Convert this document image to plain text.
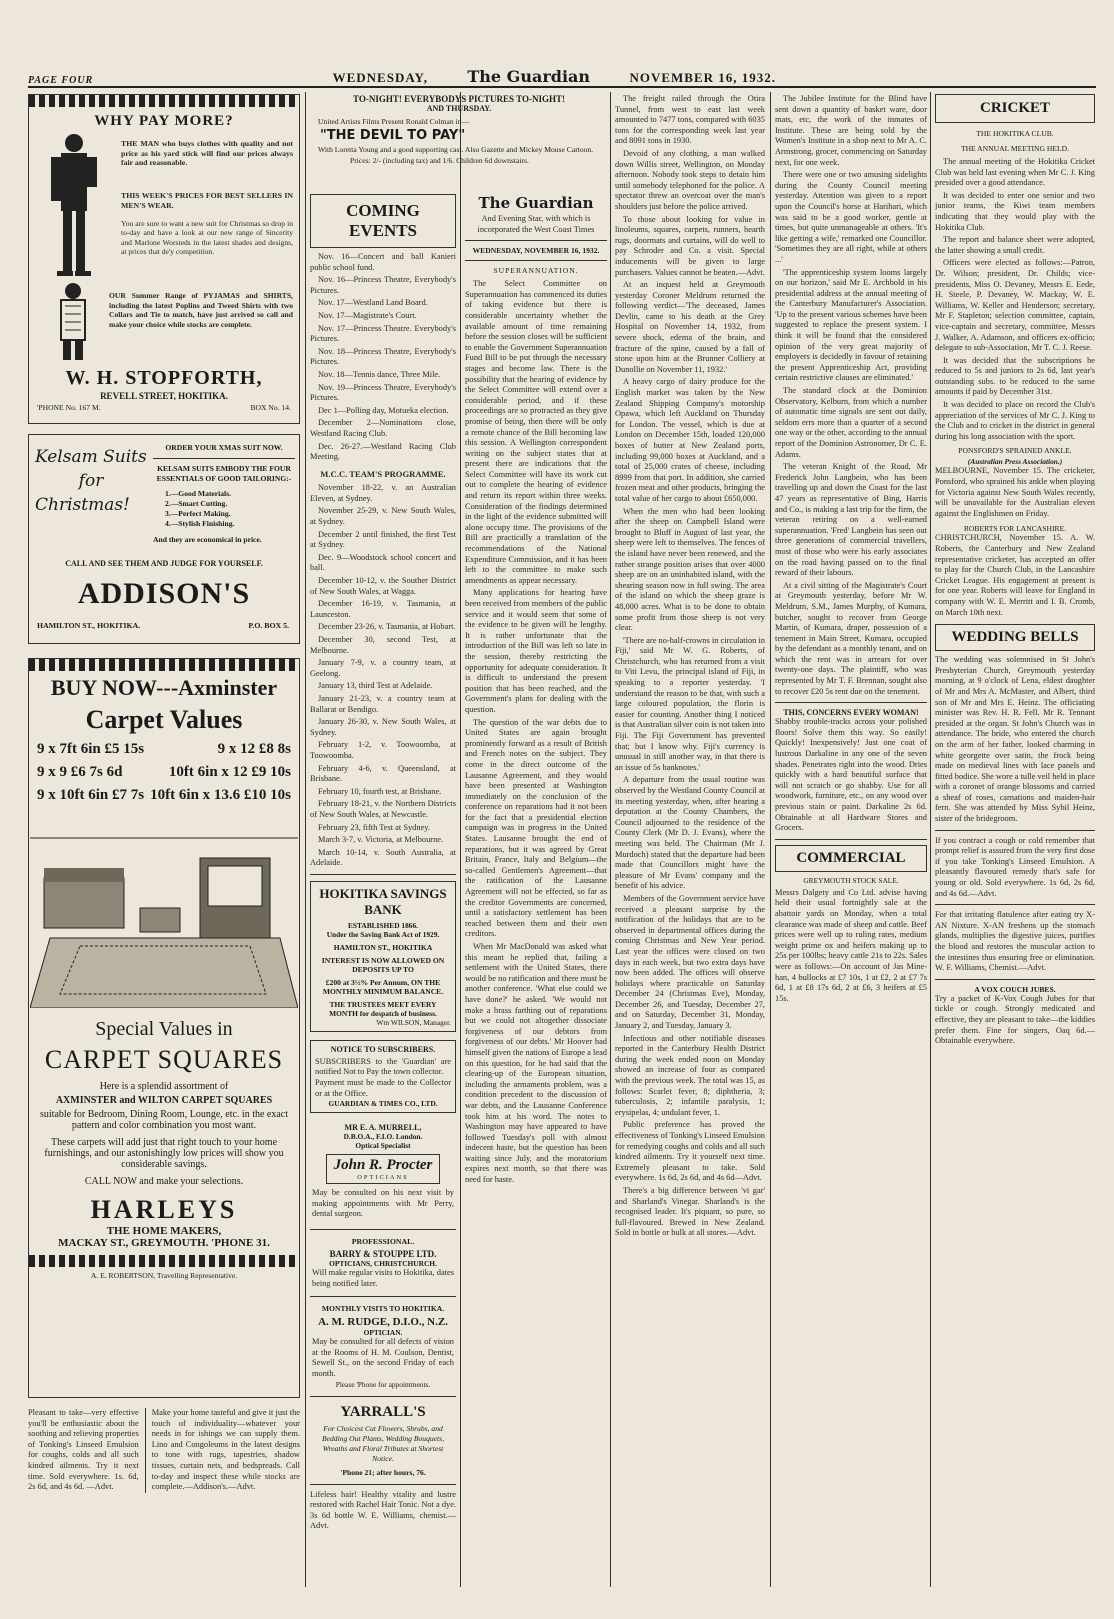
PAGE FOUR	WEDNESDAY, The Guardian	NOVEMBER 16, 1932.
WHY PAY MORE?
THE MAN who buys clothes with quality and not price as his yard stick will find our prices always fair and reasonable.
THIS WEEK'S PRICES FOR BEST SELLERS IN MEN'S WEAR.
You are sure to want a new suit for Christmas so drop in to-day and have a look at our new range of Sincerity and Marlone Worsteds in the latest shades and designs, at prices that de'y competition.
OUR Summer Range of PYJAMAS and SHIRTS, including the latest Poplins and Tweed Shirts with two Collars and Tie to match, have just arrived so call and make your choice while stocks are complete.
W. H. STOPFORTH,
REVELL STREET, HOKITIKA.
'PHONE No. 167 M.	BOX No. 14.
Kelsam Suits
for
Christmas!
ORDER YOUR XMAS SUIT NOW.
KELSAM SUITS EMBODY THE FOUR ESSENTIALS OF GOOD TAILORING:-
1.—Good Materials.
2.—Smart Cutting.
3.—Perfect Making.
4.—Stylish Finishing.
And they are economical in price.
CALL AND SEE THEM AND JUDGE FOR YOURSELF.
ADDISON'S
HAMILTON ST., HOKITIKA.	P.O. BOX 5.
BUY NOW---Axminster
Carpet Values
9 x 7ft 6in £5 15s	9 x 12 £8 8s
9 x 9 £6 7s 6d	10ft 6in x 12 £9 10s
9 x 10ft 6in £7 7s 10ft 6in x 13.6 £10 10s
Special Values in
CARPET SQUARES
Here is a splendid assortment of
AXMINSTER and WILTON CARPET SQUARES
suitable for Bedroom, Dining Room, Lounge, etc. in the exact pattern and color combination you most want.
These carpets will add just that right touch to your home furnishings, and our astonishingly low prices will show you considerable savings.
CALL NOW and make your selections.
HARLEYS
THE HOME MAKERS,
MACKAY ST., GREYMOUTH. 'PHONE 31.
A. E. ROBERTSON, Travelling Representative.
Pleasant to take—very effective you'll be enthusiastic about the soothing and relieving properties of Tonking's Linseed Emulsion for coughs, colds and all such kindred ailments. Try it next time. Sold everywhere. 1s. 6d, 2s 6d, and 4s 6d. —Advt.
Make your home tasteful and give it just the touch of individuality—whatever your needs in for ishings we can supply them. Lino and Congoleums in the latest designs to tone with rugs, tapestries, shadow tissues, curtain nets, and bedspreads. Call to-day and inspect these while stocks are complete.—Addison's.—Advt.
TO-NIGHT! EVERYBODYS PICTURES TO-NIGHT!
AND THURSDAY.
United Artists Films Present Ronald Colman in—
"THE DEVIL TO PAY"
With Loretta Young and a good supporting cast. Also Gazette and Mickey Mouse Cartoon.
Prices: 2/- (including tax) and 1/6. Children 6d downstairs.
COMING EVENTS

Nov. 16—Concert and ball Kanieri public school fund.

Nov. 16—Princess Theatre, Everybody's Pictures.

Nov. 17—Westland Land Board.

Nov. 17—Magistrate's Court.

Nov. 17—Princess Theatre. Everybody's Pictures.

Nov. 18—Princess Theatre, Everybody's Pictures.

Nov. 18—Tennis dance, Three Mile.

Nov. 19—Princess Theatre, Everybody's Pictures.

Dec 1—Polling day, Motueka election.

December 2—Nominations close, Westland Racing Club.

Dec. 26-27.—Westland Racing Club Meeting.

M.C.C. TEAM'S PROGRAMME.

November 18-22, v. an Australian Eleven, at Sydney.

November 25-29, v. New South Wales, at Sydney.

December 2 until finished, the first Test at Sydney.

Dec. 9—Woodstock school concert and ball.

December 10-12, v. the Souther District of New South Wales, at Wagga.

December 16-19, v. Tasmania, at Launceston.

December 23-26, v. Tasmania, at Hobart.

December 30, second Test, at Melbourne.

January 7-9, v. a country team, at Geelong.

January 13, third Test at Adelaide.

January 21-23, v. a country team at Ballarat or Bendigo.

January 26-30, v. New South Wales, at Sydney.

February 1-2, v. Toowoomba, at Toowoomba.

February 4-6, v. Queensland, at Brisbane.

February 10, fourth test, at Brisbane.

February 18-21, v. the Northern Districts of New South Wales, at Newcastle.

February 23, fifth Test at Sydney.

March 3-7, v. Victoria, at Melbourne.

March 10-14, v. South Australia, at Adelaide.

HOKITIKA SAVINGS BANK
ESTABLISHED 1866.
Under the Saving Bank Act of 1929.
HAMILTON ST., HOKITIKA
INTEREST IS NOW ALLOWED ON DEPOSITS UP TO
£200 at 3½% Per Annum, ON THE MONTHLY MINIMUM BALANCE.
THE TRUSTEES MEET EVERY MONTH for despatch of business.
Wm WILSON, Manager.
NOTICE TO SUBSCRIBERS.
SUBSCRIBERS to the 'Guardian' are notified Not to Pay the town collector.
Payment must be made to the Collector or at the Office.
GUARDIAN & TIMES CO., LTD.
MR E. A. MURRELL,
D.B.O.A., F.I.O. London.
Optical Specialist
John R. Procter
OPTICIANS
May be consulted on his next visit by making appointments with Mr Perry, dental surgeon.
PROFESSIONAL.
BARRY & STOUPPE LTD.
OPTICIANS, CHRISTCHURCH.
Will make regular visits to Hokitika, dates being notified later.
MONTHLY VISITS TO HOKITIKA.
A. M. RUDGE, D.I.O., N.Z.
OPTICIAN.
May be consulted for all defects of vision at the Rooms of H. M. Coulson, Dentist, Sewell St., on the second Friday of each month.
Please 'Phone for appointments.
YARRALL'S
For Choicest Cut Flowers, Shrubs, and Bedding Out Plants, Wedding Bouquets, Wreaths and Floral Tributes at Shortest Notice.
'Phone 21; after hours, 76.
Lifeless hair! Healthy vitality and lustre restored with Rachel Hair Tonic. Not a dye. 3s 6d bottle W. E. Williams, chemist.—Advt.
The Guardian
And Evening Star, with which is incorporated the West Coast Times
WEDNESDAY, NOVEMBER 16, 1932.
SUPERANNUATION.

The Select Committee on Superannuation has commenced its duties of taking evidence but there is considerable uncertainty whether the available amount of time remaining before the session closes will be sufficient to enable the Government Superannuation Fund Bill to be put through the necessary stages and become law. There is the possibility that the hearing of evidence by the Select Committee will extend over a considerable period, and if these proceedings are so protracted as they give promise of being, then there will be only a remote chance of the Bill becoming law this session. A Wellington correspondent writing on the subject states that at present there are indications that the Select Committee will have its work cut out to complete the hearing of evidence and return its report within three weeks. Consideration of the findings determined in the light of the evidence submitted will alone occupy time. The provisions of the Bill are practically a translation of the recommendations of the National Expenditure Commission, and it has been left to the committee to make such amendments as appear necessary.

Many applications for hearing have been received from members of the public service and it would seem that some of the evidence to be given will be lengthy. It is rather unfortunate that the introduction of the Bill was left so late in the session, thereby restricting the opportunity for adequate consideration. It is difficult to understand the present position that has been reached, and the Government's plans for dealing with the question.

The question of the war debts due to United States are again brought prominently forward as a result of British and French notes on the subject. They come in the direct outcome of the Lausanne Agreement, and they would have been presented at Washington immediately on the conclusion of the conference on reparations had it not been for the fact that a presidential election campaign was in progress in the United States. Lausanne brought the end of reparations, but it was agreed by Great Britain, France, Italy and Belgium—the so-called Gentlemen's Agreement—that the ratification of the Lausanne Agreement will not be effected, so far as the creditor Governments are concerned, until a satisfactory settlement has been reached between them and their own creditors.

When Mr MacDonald was asked what this meant he replied that, failing a settlement with the United States, there would be no ratification and there must be another conference. 'What else could we have done?' he asked. 'We would not make a brass farthing out of reparations but we could not altogether dissociate forgiveness of our debtors from forgiveness of our debts.' Mr Hoover had himself given the nations of Europe a lead on this question, for he had said that the clearing-up of the European situation, including the armaments problem, was a condition precedent to the discussion of war debts, and the Lausanne Conference took him at his word. The notes to Washington may have appeared to have followed Tuesday's poll with almost indecent haste, but the question has been waiting since July, and the moratorium expires next month, so that there was need for haste.

The freight railed through the Otira Tunnel, from west to east last week amounted to 7477 tons, compared with 6035 tons for the corresponding week last year and 8091 tons in 1930.

Devoid of any clothing, a man walked down Willis street, Wellington, on Monday afternoon. Nobody took steps to detain him until somebody telephoned for the police. A spectator threw an overcoat over the man's shoulders just before the police arrived.

To those about looking for value in linoleums, squares, carpets, runners, hearth rugs, doormats and curtains, will do well to pay Schroder and Co. a visit. Special inducements will be given to large purchasers. Values cannot be beaten.—Advt.

At an inquest held at Greymouth yesterday Coroner Meldrum returned the following verdict—'The deceased, James Devlin, came to his death at the Grey Hospital on November 14, 1932, from severe shock, edema of the brain, and fracture of the spine, caused by a fall of stone upon him at the Brunner Colliery at Dunollie on November 11, 1932.'

A heavy cargo of dairy produce for the English market was taken by the New Zealand Shipping Company's motorship Opawa, which left Auckland on Thursday for London. The vessel, which is due at London on December 15th, loaded 120,000 boxes of butter at New Zealand ports, including 99,000 boxes at Auckland, and a total of 25,000 crates of cheese, including 8999 from that port. In addition, she carried frozen meat and other products, bringing the total value of her cargo to about £650,000.

When the men who had been looking after the sheep on Campbell Island were brought to Bluff in August of last year, the sheep were left to themselves. The fences of the island have never been renewed, and the rather strange position arises that over 4000 sheep are on an uninhabited island, with the shearing season now in full swing. The area of the island on which the sheep graze is 48,000 acres. What is to be done to obtain some profit from those sheep is not very clear.

'There are no-half-crowns in circulation in Fiji,' said Mr W. G. Roberts, of Christchurch, who has returned from a visit to Viti Levu, the principal island of Fiji, in speaking to a reporter yesterday. 'I understand the reason to be that, with such a large coloured population, the florin is easier for counting. Another thing I noticed is that Australian silver coin is not taken into Fiji. The Fiji Government has prevented that; but I know why. Fiji's currency is unusual in still another way, in that there is an issue of 5s banknotes.'

A departure from the usual routine was observed by the Westland County Council at its meeting yesterday, when, after hearing a deputation at the County Chambers, the Council adjourned to the residence of the County Clerk (Mr D. J. Evans), where the meeting was held. The Chairman (Mr J. Murdoch) stated that the departure had been made that Councillors might have the pleasure of Mr Evans' company and the benefit of his advice.

Members of the Government service have received a pleasant surprise by the notification of the holidays that are to be observed in departmental offices during the coming Christmas and New Year period. Last year the offices were closed on two days in each week, but two extra days have now been added. The offices will observe holidays where practicable on Saturday December 24 (Christmas Eve), Monday, December 26, and Tuesday, December 27, and on Saturday, December 31, Monday, January 2, and Tuesday, January 3.

Infectious and other notifiable diseases reported in the Canterbury Health District during the week ended noon on Monday showed an increase of four as compared with the previous week. The total was 15, as follows: Scarlet fever, 8; diphtheria, 3; tuberculosis, 2; infantile paralysis, 1; erysipelas, 4; undulant fever, 1.

Public preference has proved the effectiveness of Tonking's Linseed Emulsion for remedying coughs and colds and all such kindred ailments. Try it yourself next time. Extremely pleasant to take. Sold everywhere. 1s 6d, 2s 6d, and 4s 6d—Advt.

There's a big difference between 'vi gar' and Sharland's Vinegar. Sharland's is the recognised leader. It's piquant, so pure, so full-flavoured. Brewed in New Zealand. Sold in bottle or bulk at all stores.—Advt.

The Jubilee Institute for the Blind have sent down a quantity of basket ware, door mats, etc, the work of the inmates of Institute. These are being sold by the Women's Institute in a shop next to Mr A. C. Armstrong, grocer, commencing on Saturday next, for one week.

There were one or two amusing sidelights during the County Council meeting yesterday. Attention was given to a report upon the Council's horse at Harihari, which was said to be a good worker, gentle at times, but quite unmanageable at others. 'It's like getting a wife,' remarked one Councillor. 'Sometimes they are all right, while at others ...'

'The apprenticeship system looms largely on our horizon,' said Mr E. Archbold in his presidential address at the annual meeting of the Canterbury Manufacturer's Association. 'Up to the present various schemes have been suggested to replace the present system. I think it will be found that the considered opinion of the very great majority of employers is decidedly in favour of retaining the present Apprenticeship Act, providing certain restrictive clauses are eliminated.'

The standard clock at the Dominion Observatory, Kelburn, from which a number of automatic time signals are sent out daily, seldom errs more than a quarter of a second one way or the other, according to the annual report of the Dominion Astronomer, Dr C. E. Adams.

The veteran Knight of the Road, Mr Frederick John Langbein, who has been travelling up and down the Coast for the last 47 years as representative of Bing, Harris and Co., is making a last trip for the firm, the veteran retiring on a well-earned superannuation. 'Fred' Langbein has seen out three generations of commercial travellers, most of those who were his early associates on the road having passed on to the final reward of their labours.

At a civil sitting of the Magistrate's Court at Greymouth yesterday, before Mr W. Meldrum, S.M., James Murphy, of Kumara, butcher, sought to recover from George Martin, of Kumara, draper, possession of a tenement in Main Street, Kumara, occupied by the defendant as a monthly tenant, and on which the rent was in arrears for over twenty-one days. The plaintiff, who was represented by Mr T. F. Brennan, sought also to recover £20 5s rent due on the tenement.

THIS, CONCERNS EVERY WOMAN!
Shabby trouble-tracks across your polished floors! Solve them this way. So easily! Quickly! Inexpensively! Just one coat of lustrous Darkaline in any one of the seven shades. Penetrates right into the wood. Dries quickly with a hard beautiful surface that will not scratch or go shabby. Use for all woodwork, furniture, etc., on any wood over previous stain or paint. Darkaline 2s 6d. Obtainable at all Hardware Stores and Grocers.
COMMERCIAL
GREYMOUTH STOCK SALE.
Messrs Dalgety and Co Ltd. advise having held their usual fortnightly sale at the abattoir yards on Monday, when a total clearance was made of sheep and cattle. Beef prices were well up to ruling rates, medium weight prime ox and heifers making up to 25s per 100lbs; heavy cattle 21s to 22s. Sales were as follows:—On account of Jas Mine-han, 4 bullocks at £7 10s, 1 at £2, 2 at £7 7s 6d, 1 at £8 17s 6d, 2 at £6, 3 heifers at £5 15s.
CRICKET
THE HOKITIKA CLUB.
THE ANNUAL MEETING HELD.

The annual meeting of the Hokitika Cricket Club was held last evening when Mr C. J. King presided over a good attendance.

It was decided to enter one senior and two junior teams, the Kiwi team members indicating that they would play with the Hokitika Club.

The report and balance sheet were adopted, the latter showing a small credit.

Officers were elected as follows:—Patron, Dr. Wilson; president, Dr. Childs; vice-presidents, Miss O. Devaney, Messrs E. Eede, H. Steele, P. Devaney, W. Mackay, W. E. Williams, W. Keller and Henderson; secretary, Mr F. Stapleton; selection committee, captain, vice-captain and secretary, committee, Messrs J. Walker, A. Adamson, and officers ex-officio; delegate to sub-Association, Mr T. C. J. Reese.

It was decided that the subscriptions be reduced to 5s and juniors to 2s 6d, last year's outstanding subs. to be reduced to the same amounts if paid by December 31st.

It was decided to place on record the Club's appreciation of the services of Mr C. J. King to the Club and to cricket in the district in general during his long association with the sport.

PONSFORD'S SPRAINED ANKLE.
(Australian Press Association.)
MELBOURNE, November 15. The cricketer, Ponsford, who sprained his ankle when playing for Victoria against New South Wales recently, will be unavailable for the Australian eleven against the Englishmen on Friday.
ROBERTS FOR LANCASHIRE.
CHRISTCHURCH, November 15. A. W. Roberts, the Canterbury and New Zealand representative cricketer, has accepted an offer to play for the Church Club, in the Lancashire Cricket League. His engagement at present is for one year. Roberts will leave for England in company with W. E. Merritt and I. B. Cromb, on March 10th next.
WEDDING BELLS
The wedding was solemnised in St John's Presbyterian Church, Greymouth yesterday morning, at 9 o'clock of Lena, eldest daughter of Mr and Mrs A. McMaster, and Albert, third son of Mr and Mrs E. Heinz. The officiating minister was Rev. H. R. Fell. Mr R. Tennant presided at the organ. St John's Church was in attendance. The bride, who entered the church on the arm of her father, looked charming in white georgette over satin, the frock being made on medieval lines with lace panels and fitted bodice. She wore a tulle veil held in place with a coronet of orange blossoms and carried a sheaf of roses, carnations and maiden-hair fern. She was attended by Miss Sybil Heinz, sister of the bridegroom.
If you contract a cough or cold remember that prompt relief is assured from the very first dose if you take Tonking's Linseed Emulsion. A pleasantly flavoured remedy that's safe for young or old. Sold everywhere. 1s 6d, 2s 6d, and 4s 6d.—Advt.
For that irritating flatulence after eating try X-AN Nixture. X-AN freshens up the stomach glands, multiplies the digestive juices, purifies the blood and restores the muscular action to the intestines thus ensuring free or elimination. W. F. Williams, Chemist.—Advt.
A VOX COUCH JUBES.
Try a packet of K-Vox Cough Jubes for that tickle or cough. Strongly medicated and effective, they are pleasant to take—the kiddies prefer them. Fine for singers, Oaq 6d.—Obtainable everywhere.
